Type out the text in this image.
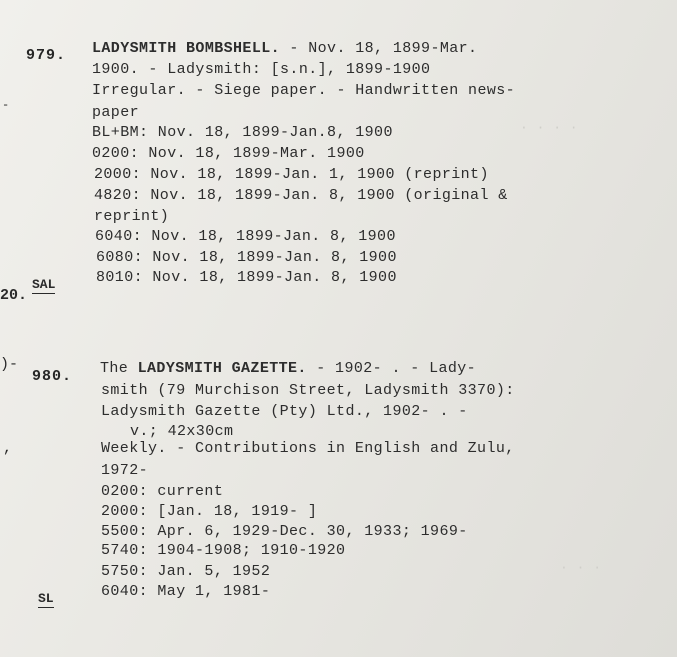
· · · ·
· · ·
-
20.
)-
,
979. LADYSMITH BOMBSHELL. - Nov. 18, 1899-Mar.
1900. - Ladysmith: [s.n.], 1899-1900
Irregular. - Siege paper. - Handwritten news-
paper
BL+BM: Nov. 18, 1899-Jan.8, 1900
0200: Nov. 18, 1899-Mar. 1900
2000: Nov. 18, 1899-Jan. 1, 1900 (reprint)
4820: Nov. 18, 1899-Jan. 8, 1900 (original &
reprint)
6040: Nov. 18, 1899-Jan. 8, 1900
6080: Nov. 18, 1899-Jan. 8, 1900
8010: Nov. 18, 1899-Jan. 8, 1900
SAL
980. The LADYSMITH GAZETTE. - 1902- . - Lady-
smith (79 Murchison Street, Ladysmith 3370):
Ladysmith Gazette (Pty) Ltd., 1902- . -
v.; 42x30cm
Weekly. - Contributions in English and Zulu,
1972-
0200: current
2000: [Jan. 18, 1919- ]
5500: Apr. 6, 1929-Dec. 30, 1933; 1969-
5740: 1904-1908; 1910-1920
5750: Jan. 5, 1952
6040: May 1, 1981-
SL
